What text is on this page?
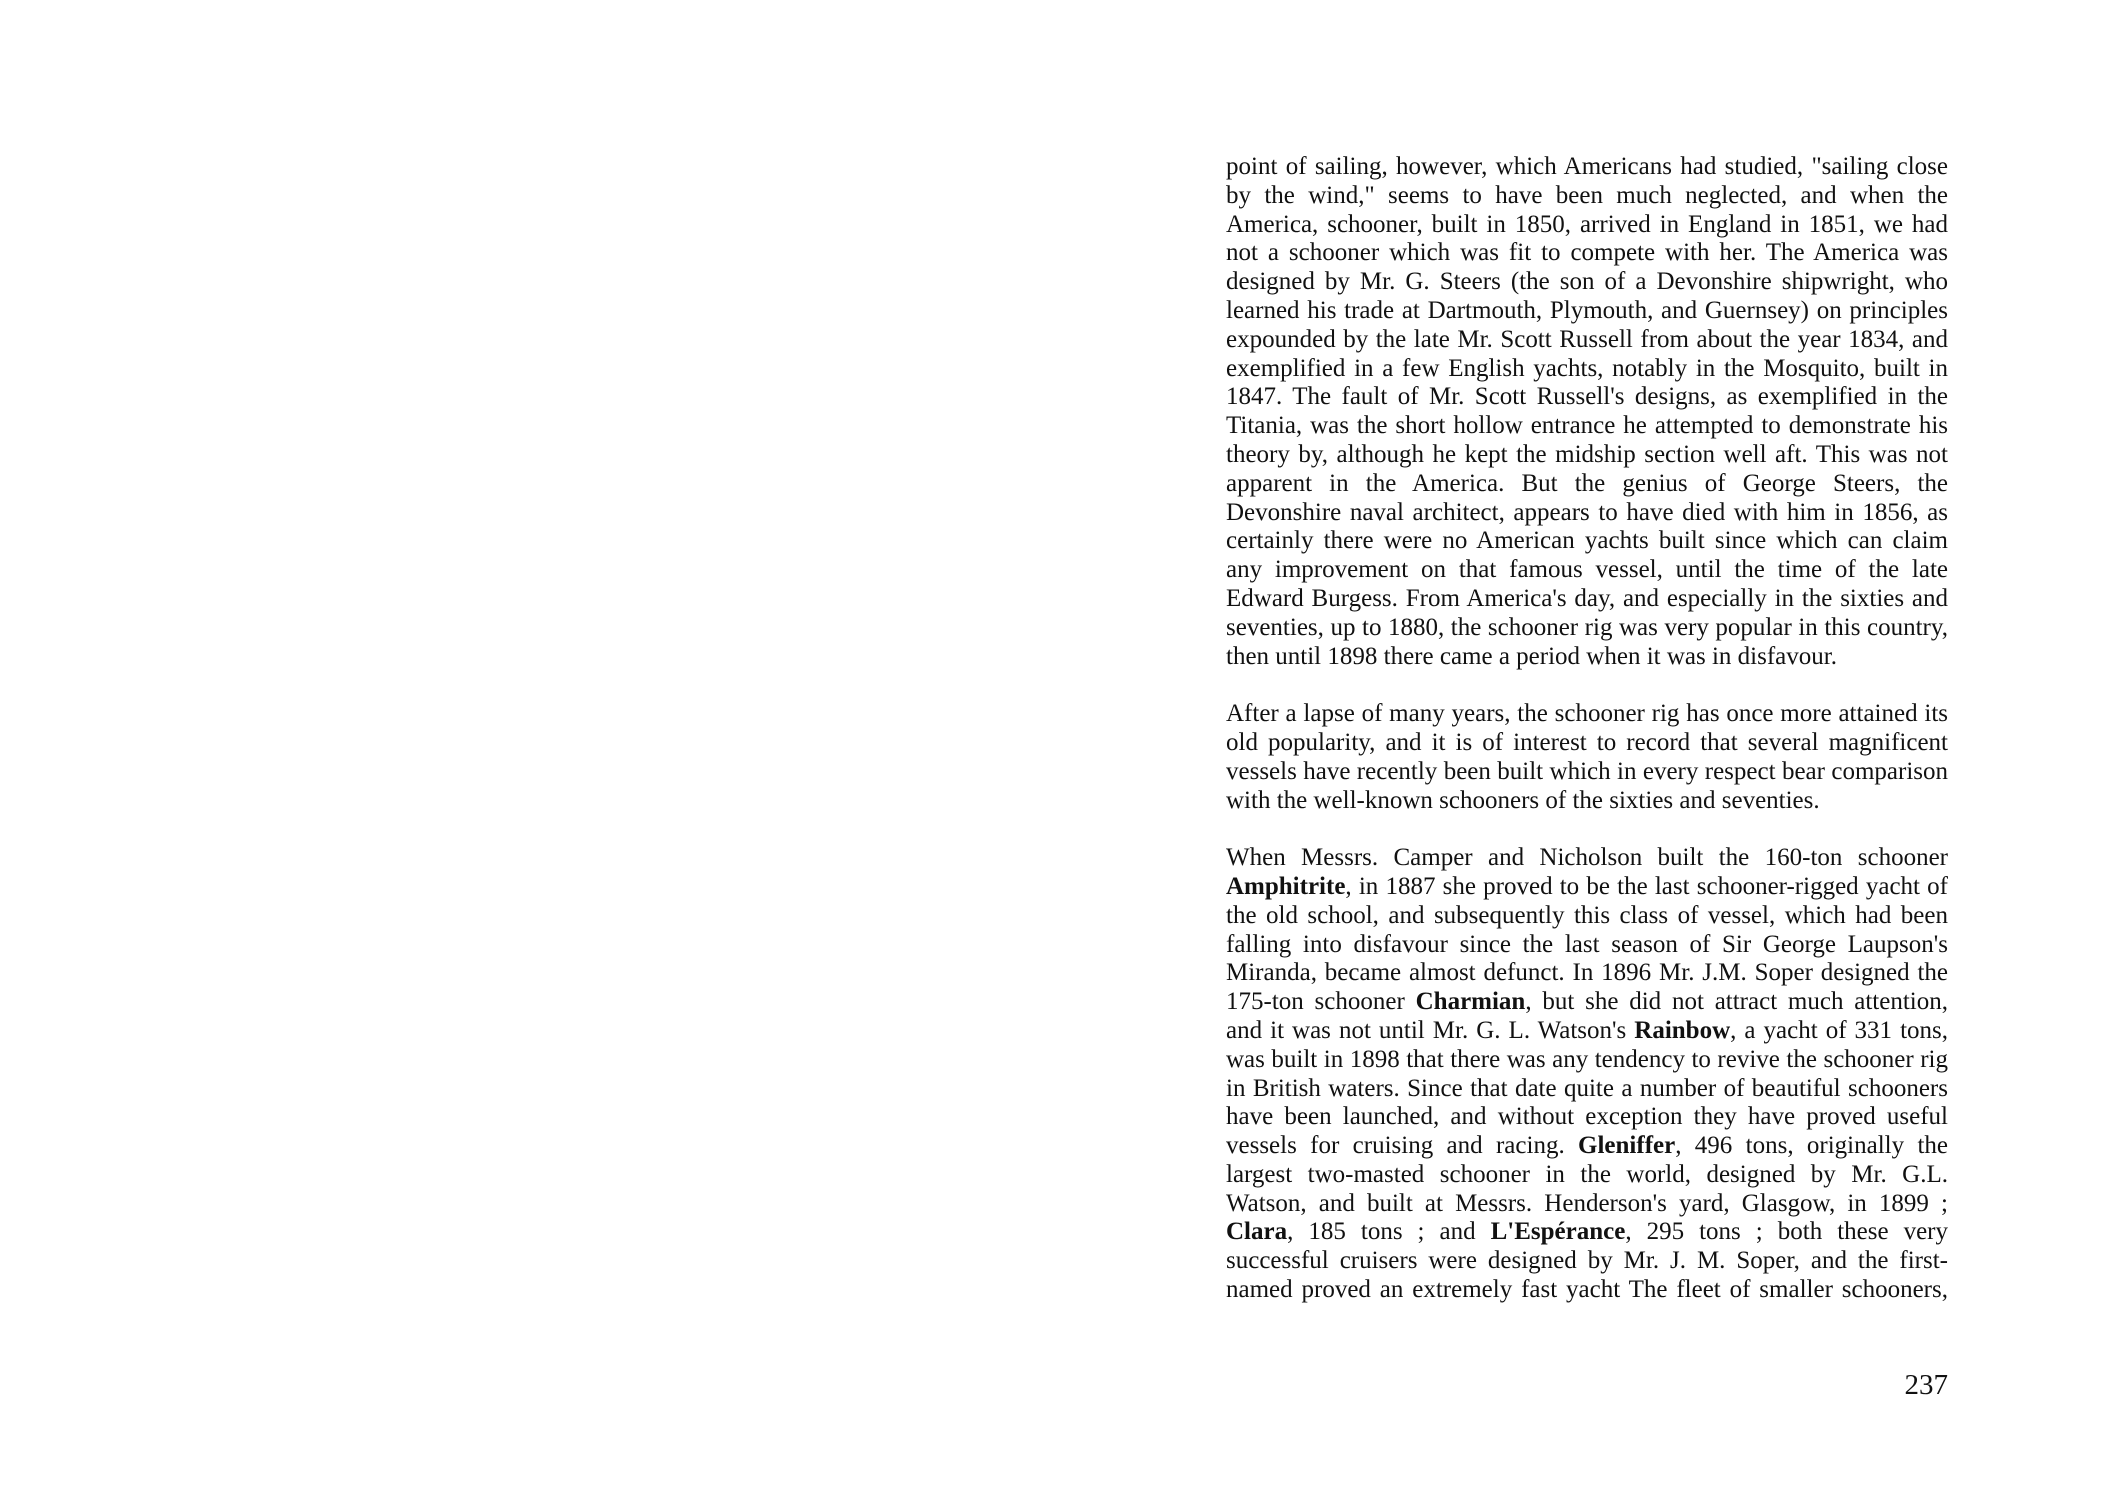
point of sailing, however, which Americans had studied, "sailing close
by the wind," seems to have been much neglected, and when the
America, schooner, built in 1850, arrived in England in 1851, we had
not a schooner which was fit to compete with her. The America was
designed by Mr. G. Steers (the son of a Devonshire shipwright, who
learned his trade at Dartmouth, Plymouth, and Guernsey) on principles
expounded by the late Mr. Scott Russell from about the year 1834, and
exemplified in a few English yachts, notably in the Mosquito, built in
1847. The fault of Mr. Scott Russell's designs, as exemplified in the
Titania, was the short hollow entrance he attempted to demonstrate his
theory by, although he kept the midship section well aft. This was not
apparent in the America. But the genius of George Steers, the
Devonshire naval architect, appears to have died with him in 1856, as
certainly there were no American yachts built since which can claim
any improvement on that famous vessel, until the time of the late
Edward Burgess. From America's day, and especially in the sixties and
seventies, up to 1880, the schooner rig was very popular in this country,
then until 1898 there came a period when it was in disfavour.
After a lapse of many years, the schooner rig has once more attained its
old popularity, and it is of interest to record that several magnificent
vessels have recently been built which in every respect bear comparison
with the well-known schooners of the sixties and seventies.
When Messrs. Camper and Nicholson built the 160-ton schooner
Amphitrite, in 1887 she proved to be the last schooner-rigged yacht of
the old school, and subsequently this class of vessel, which had been
falling into disfavour since the last season of Sir George Laupson's
Miranda, became almost defunct. In 1896 Mr. J.M. Soper designed the
175-ton schooner Charmian, but she did not attract much attention,
and it was not until Mr. G. L. Watson's Rainbow, a yacht of 331 tons,
was built in 1898 that there was any tendency to revive the schooner rig
in British waters. Since that date quite a number of beautiful schooners
have been launched, and without exception they have proved useful
vessels for cruising and racing. Gleniffer, 496 tons, originally the
largest two-masted schooner in the world, designed by Mr. G.L.
Watson, and built at Messrs. Henderson's yard, Glasgow, in 1899 ;
Clara, 185 tons ; and L'Espérance, 295 tons ; both these very
successful cruisers were designed by Mr. J. M. Soper, and the first-
named proved an extremely fast yacht The fleet of smaller schooners,
237
